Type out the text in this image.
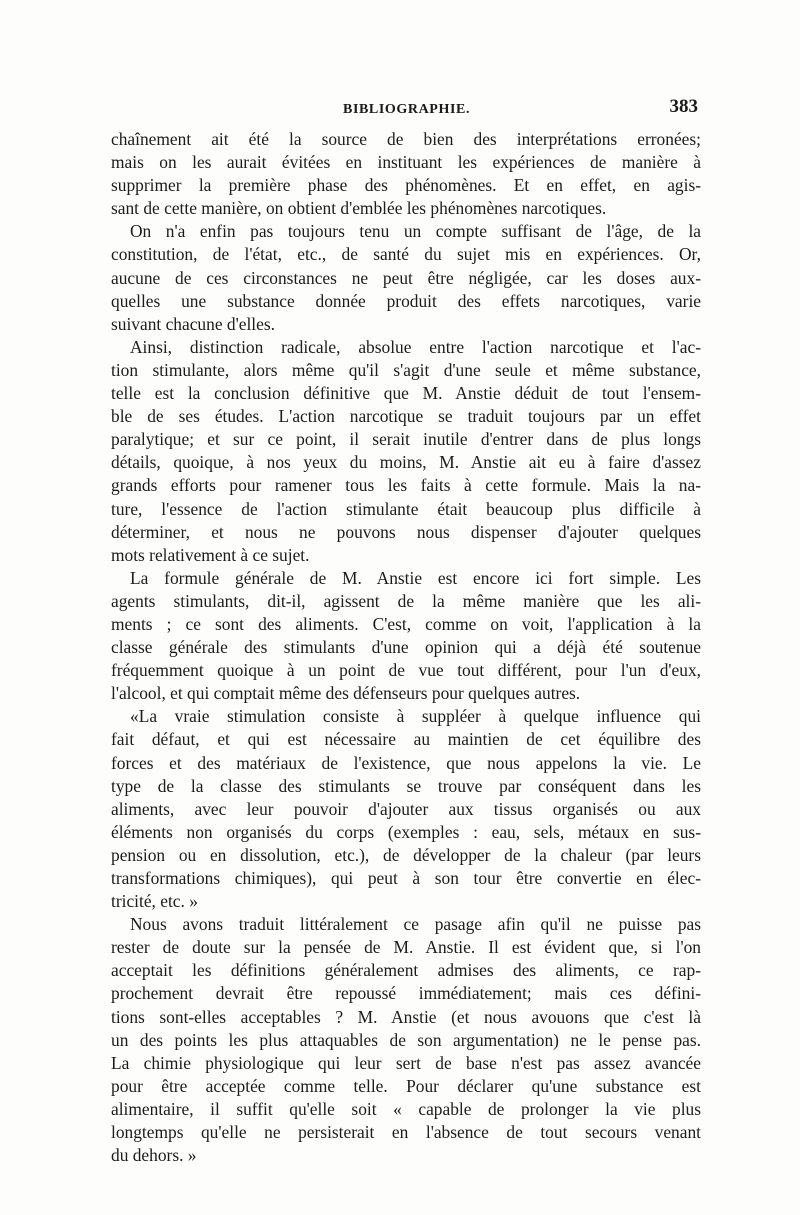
BIBLIOGRAPHIE.	383
chaînement ait été la source de bien des interprétations erronées;
mais on les aurait évitées en instituant les expériences de manière à
supprimer la première phase des phénomènes. Et en effet, en agis-
sant de cette manière, on obtient d'emblée les phénomènes narcotiques.
On n'a enfin pas toujours tenu un compte suffisant de l'âge, de la
constitution, de l'état, etc., de santé du sujet mis en expériences. Or,
aucune de ces circonstances ne peut être négligée, car les doses aux-
quelles une substance donnée produit des effets narcotiques, varie
suivant chacune d'elles.
Ainsi, distinction radicale, absolue entre l'action narcotique et l'ac-
tion stimulante, alors même qu'il s'agit d'une seule et même substance,
telle est la conclusion définitive que M. Anstie déduit de tout l'ensem-
ble de ses études. L'action narcotique se traduit toujours par un effet
paralytique; et sur ce point, il serait inutile d'entrer dans de plus longs
détails, quoique, à nos yeux du moins, M. Anstie ait eu à faire d'assez
grands efforts pour ramener tous les faits à cette formule. Mais la na-
ture, l'essence de l'action stimulante était beaucoup plus difficile à
déterminer, et nous ne pouvons nous dispenser d'ajouter quelques
mots relativement à ce sujet.
La formule générale de M. Anstie est encore ici fort simple. Les
agents stimulants, dit-il, agissent de la même manière que les ali-
ments ; ce sont des aliments. C'est, comme on voit, l'application à la
classe générale des stimulants d'une opinion qui a déjà été soutenue
fréquemment quoique à un point de vue tout différent, pour l'un d'eux,
l'alcool, et qui comptait même des défenseurs pour quelques autres.
«La vraie stimulation consiste à suppléer à quelque influence qui
fait défaut, et qui est nécessaire au maintien de cet équilibre des
forces et des matériaux de l'existence, que nous appelons la vie. Le
type de la classe des stimulants se trouve par conséquent dans les
aliments, avec leur pouvoir d'ajouter aux tissus organisés ou aux
éléments non organisés du corps (exemples : eau, sels, métaux en sus-
pension ou en dissolution, etc.), de développer de la chaleur (par leurs
transformations chimiques), qui peut à son tour être convertie en élec-
tricité, etc. »
Nous avons traduit littéralement ce pasage afin qu'il ne puisse pas
rester de doute sur la pensée de M. Anstie. Il est évident que, si l'on
acceptait les définitions généralement admises des aliments, ce rap-
prochement devrait être repoussé immédiatement; mais ces défini-
tions sont-elles acceptables ? M. Anstie (et nous avouons que c'est là
un des points les plus attaquables de son argumentation) ne le pense pas.
La chimie physiologique qui leur sert de base n'est pas assez avancée
pour être acceptée comme telle. Pour déclarer qu'une substance est
alimentaire, il suffit qu'elle soit « capable de prolonger la vie plus
longtemps qu'elle ne persisterait en l'absence de tout secours venant
du dehors. »
